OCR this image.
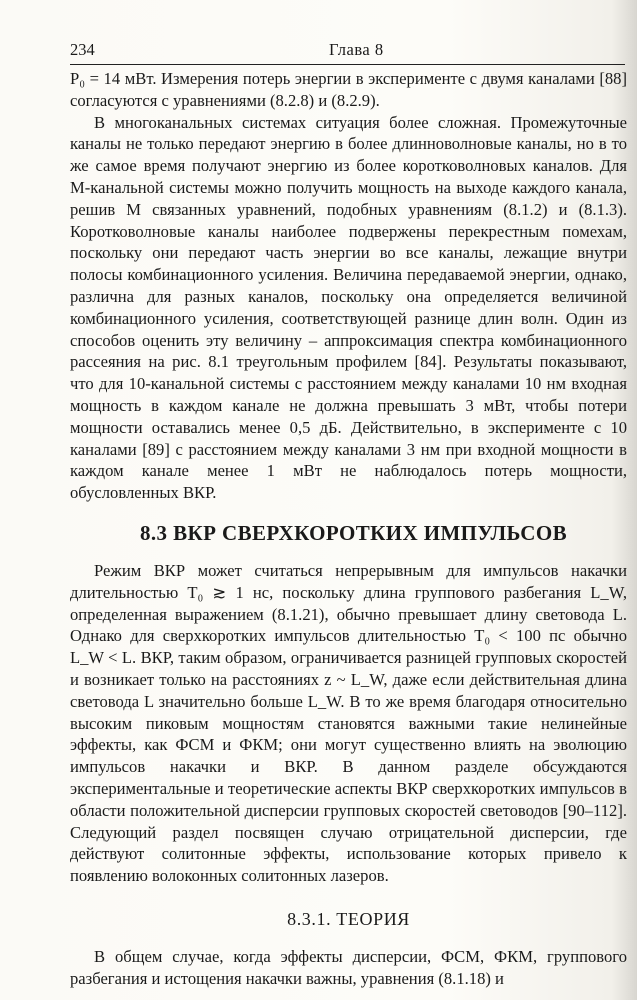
234	Глава 8

P₀ = 14 мВт. Измерения потерь энергии в эксперименте с двумя каналами [88] согласуются с уравнениями (8.2.8) и (8.2.9).

В многоканальных системах ситуация более сложная. Промежуточные каналы не только передают энергию в более длинноволновые каналы, но в то же самое время получают энергию из более коротковолновых каналов. Для M-канальной системы можно получить мощность на выходе каждого канала, решив M связанных уравнений, подобных уравнениям (8.1.2) и (8.1.3). Коротковолновые каналы наиболее подвержены перекрестным помехам, поскольку они передают часть энергии во все каналы, лежащие внутри полосы комбинационного усиления. Величина передаваемой энергии, однако, различна для разных каналов, поскольку она определяется величиной комбинационного усиления, соответствующей разнице длин волн. Один из способов оценить эту величину – аппроксимация спектра комбинационного рассеяния на рис. 8.1 треугольным профилем [84]. Результаты показывают, что для 10-канальной системы с расстоянием между каналами 10 нм входная мощность в каждом канале не должна превышать 3 мВт, чтобы потери мощности оставались менее 0,5 дБ. Действительно, в эксперименте с 10 каналами [89] с расстоянием между каналами 3 нм при входной мощности в каждом канале менее 1 мВт не наблюдалось потерь мощности, обусловленных ВКР.

8.3 ВКР СВЕРХКОРОТКИХ ИМПУЛЬСОВ

Режим ВКР может считаться непрерывным для импульсов накачки длительностью T₀ ≳ 1 нс, поскольку длина группового разбегания L_W, определенная выражением (8.1.21), обычно превышает длину световода L. Однако для сверхкоротких импульсов длительностью T₀ < 100 пс обычно L_W < L. ВКР, таким образом, ограничивается разницей групповых скоростей и возникает только на расстояниях z ~ L_W, даже если действительная длина световода L значительно больше L_W. В то же время благодаря относительно высоким пиковым мощностям становятся важными такие нелинейные эффекты, как ФСМ и ФКМ; они могут существенно влиять на эволюцию импульсов накачки и ВКР. В данном разделе обсуждаются экспериментальные и теоретические аспекты ВКР сверхкоротких импульсов в области положительной дисперсии групповых скоростей световодов [90–112]. Следующий раздел посвящен случаю отрицательной дисперсии, где действуют солитонные эффекты, использование которых привело к появлению волоконных солитонных лазеров.

8.3.1. ТЕОРИЯ

В общем случае, когда эффекты дисперсии, ФСМ, ФКМ, группового разбегания и истощения накачки важны, уравнения (8.1.18) и
